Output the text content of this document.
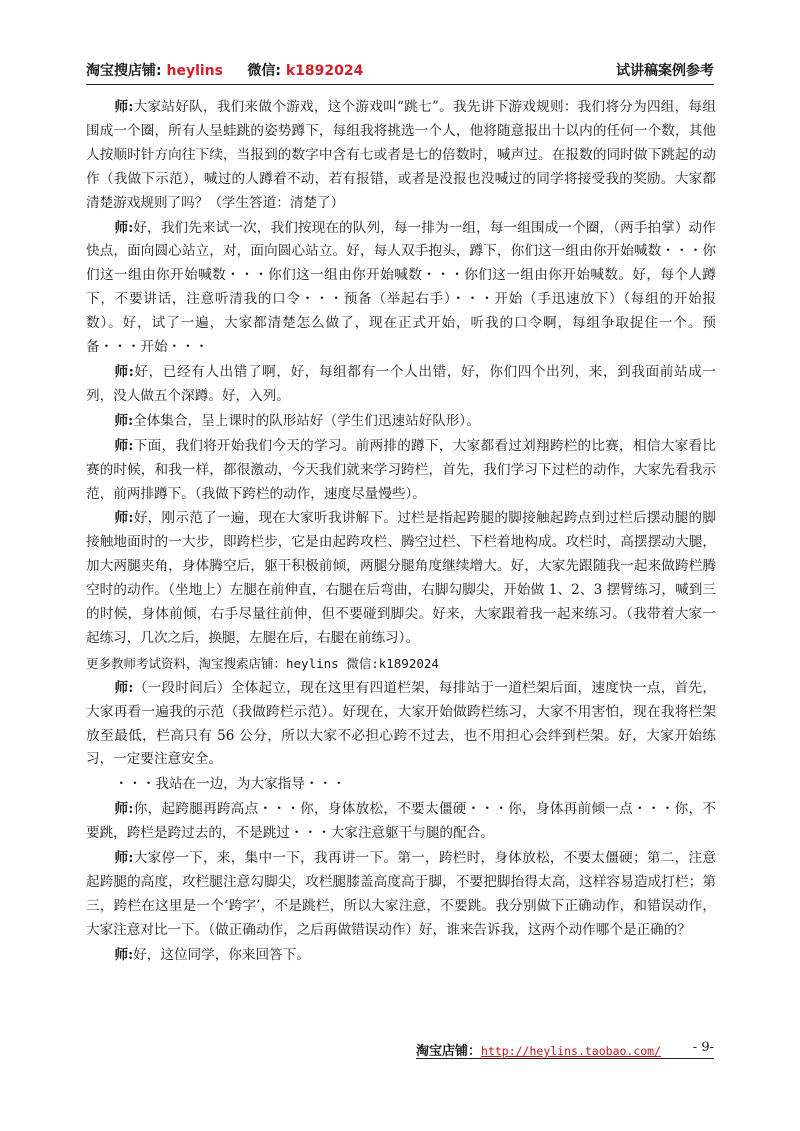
淘宝搜店铺: heylins 微信: k1892024	试讲稿案例参考

师:大家站好队，我们来做个游戏，这个游戏叫“跳七”。我先讲下游戏规则：我们将分为四组，每组围成一个圈，所有人呈蛙跳的姿势蹲下，每组我将挑选一个人，他将随意报出十以内的任何一个数，其他人按顺时针方向往下续，当报到的数字中含有七或者是七的倍数时，喊声过。在报数的同时做下跳起的动作（我做下示范），喊过的人蹲着不动，若有报错，或者是没报也没喊过的同学将接受我的奖励。大家都清楚游戏规则了吗？（学生答道：清楚了）

师:好，我们先来试一次，我们按现在的队列，每一排为一组，每一组围成一个圈，（两手拍掌）动作快点，面向圆心站立，对，面向圆心站立。好，每人双手抱头，蹲下，你们这一组由你开始喊数・・・你们这一组由你开始喊数・・・你们这一组由你开始喊数・・・你们这一组由你开始喊数。好，每个人蹲下，不要讲话，注意听清我的口令・・・预备（举起右手）・・・开始（手迅速放下）（每组的开始报数）。好，试了一遍，大家都清楚怎么做了，现在正式开始，听我的口令啊，每组争取捉住一个。预备・・・开始・・・

师:好，已经有人出错了啊，好，每组都有一个人出错，好，你们四个出列，来，到我面前站成一列，没人做五个深蹲。好，入列。

师:全体集合，呈上课时的队形站好（学生们迅速站好队形）。

师:下面，我们将开始我们今天的学习。前两排的蹲下，大家都看过刘翔跨栏的比赛，相信大家看比赛的时候，和我一样，都很激动，今天我们就来学习跨栏，首先，我们学习下过栏的动作，大家先看我示范，前两排蹲下。（我做下跨栏的动作，速度尽量慢些）。

师:好，刚示范了一遍，现在大家听我讲解下。过栏是指起跨腿的脚接触起跨点到过栏后摆动腿的脚接触地面时的一大步，即跨栏步，它是由起跨攻栏、腾空过栏、下栏着地构成。攻栏时，高摆摆动大腿，加大两腿夹角，身体腾空后，躯干积极前倾，两腿分腿角度继续增大。好，大家先跟随我一起来做跨栏腾空时的动作。（坐地上）左腿在前伸直，右腿在后弯曲，右脚勾脚尖，开始做 1、2、3 摆臂练习，喊到三的时候，身体前倾，右手尽量往前伸，但不要碰到脚尖。好来，大家跟着我一起来练习。（我带着大家一起练习，几次之后，换腿，左腿在后，右腿在前练习）。

更多教师考试资料，淘宝搜索店铺：heylins 微信:k1892024

师:（一段时间后）全体起立，现在这里有四道栏架，每排站于一道栏架后面，速度快一点，首先，大家再看一遍我的示范（我做跨栏示范）。好现在，大家开始做跨栏练习，大家不用害怕，现在我将栏架放至最低，栏高只有 56 公分，所以大家不必担心跨不过去，也不用担心会绊到栏架。好，大家开始练习，一定要注意安全。

・・・我站在一边，为大家指导・・・

师:你，起跨腿再跨高点・・・你，身体放松，不要太僵硬・・・你，身体再前倾一点・・・你，不要跳，跨栏是跨过去的，不是跳过・・・大家注意躯干与腿的配合。

师:大家停一下，来，集中一下，我再讲一下。第一，跨栏时，身体放松，不要太僵硬；第二，注意起跨腿的高度，攻栏腿注意勾脚尖，攻栏腿膝盖高度高于脚，不要把脚抬得太高，这样容易造成打栏；第三，跨栏在这里是一个‘跨字’，不是跳栏，所以大家注意，不要跳。我分别做下正确动作，和错误动作，大家注意对比一下。（做正确动作，之后再做错误动作）好，谁来告诉我，这两个动作哪个是正确的？

师:好，这位同学，你来回答下。

淘宝店铺：http://heylins.taobao.com/ - 9-
